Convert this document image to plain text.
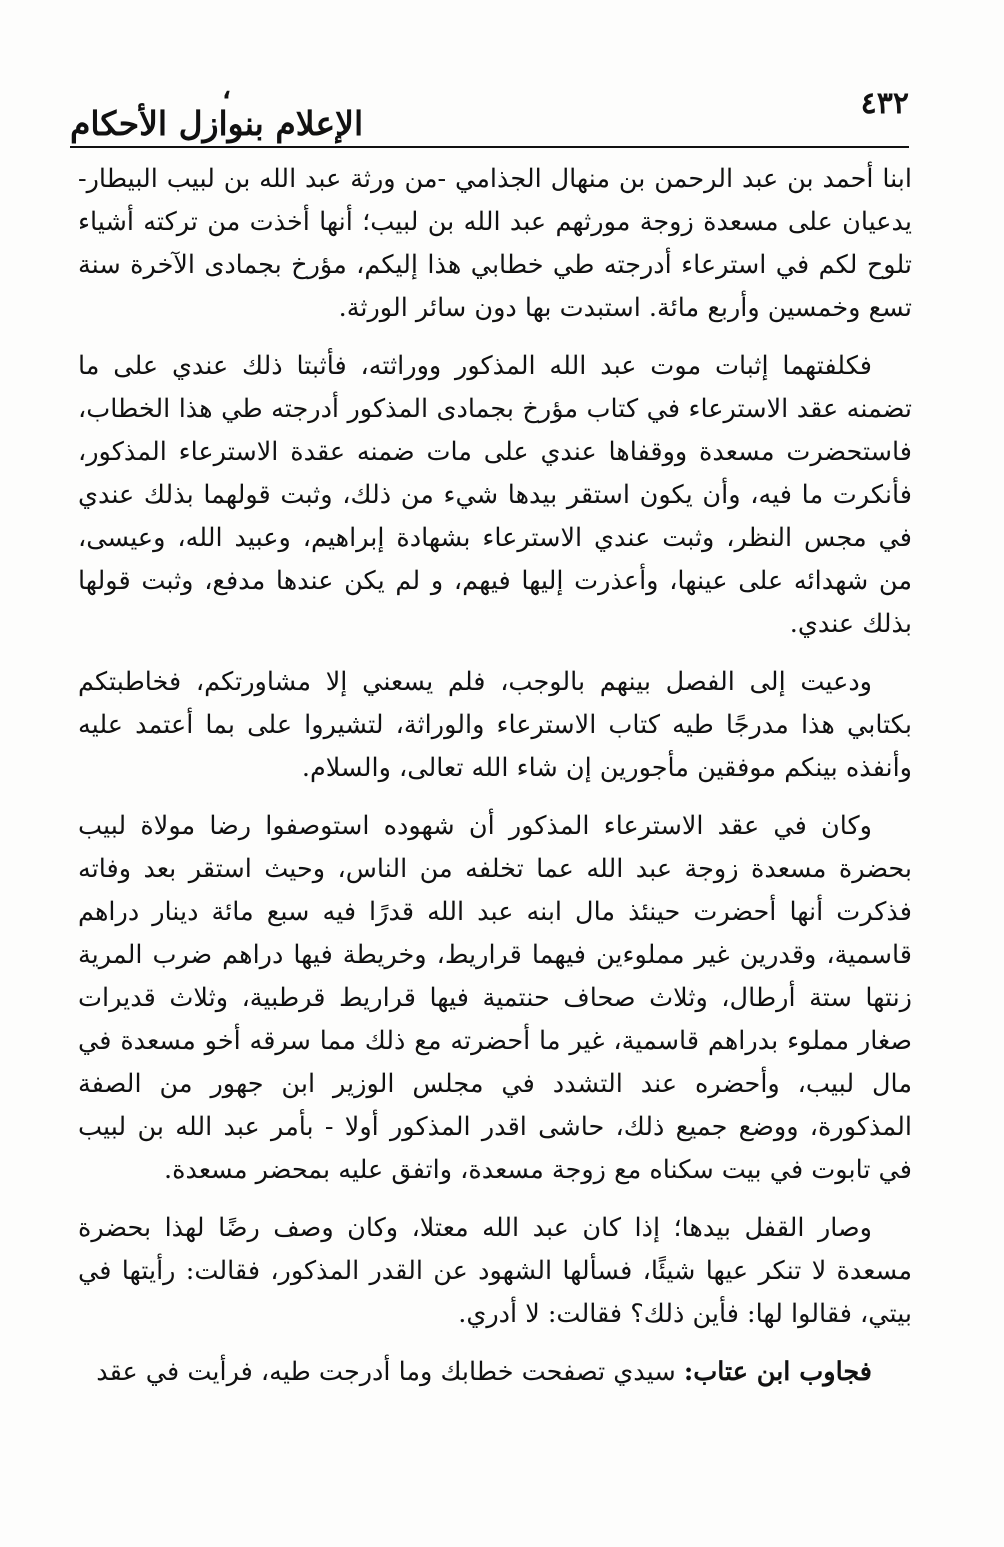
٤٣٢
الإعلام بنوازل الأحكام
،

ابنا أحمد بن عبد الرحمن بن منهال الجذامي -من ورثة عبد الله بن لبيب البيطار- يدعيان على مسعدة زوجة مورثهم عبد الله بن لبيب؛ أنها أخذت من تركته أشياء تلوح لكم في استرعاء أدرجته طي خطابي هذا إليكم، مؤرخ بجمادى الآخرة سنة تسع وخمسين وأربع مائة. استبدت بها دون سائر الورثة.

فكلفتهما إثبات موت عبد الله المذكور ووراثته، فأثبتا ذلك عندي على ما تضمنه عقد الاسترعاء في كتاب مؤرخ بجمادى المذكور أدرجته طي هذا الخطاب، فاستحضرت مسعدة ووقفاها عندي على مات ضمنه عقدة الاسترعاء المذكور، فأنكرت ما فيه، وأن يكون استقر بيدها شيء من ذلك، وثبت قولهما بذلك عندي في مجس النظر، وثبت عندي الاسترعاء بشهادة إبراهيم، وعبيد الله، وعيسى، من شهدائه على عينها، وأعذرت إليها فيهم، و لم يكن عندها مدفع، وثبت قولها بذلك عندي.

ودعيت إلى الفصل بينهم بالوجب، فلم يسعني إلا مشاورتكم، فخاطبتكم بكتابي هذا مدرجًا طيه كتاب الاسترعاء والوراثة، لتشيروا على بما أعتمد عليه وأنفذه بينكم موفقين مأجورين إن شاء الله تعالى، والسلام.

وكان في عقد الاسترعاء المذكور أن شهوده استوصفوا رضا مولاة لبيب بحضرة مسعدة زوجة عبد الله عما تخلفه من الناس، وحيث استقر بعد وفاته فذكرت أنها أحضرت حينئذ مال ابنه عبد الله قدرًا فيه سبع مائة دينار دراهم قاسمية، وقدرين غير مملوءين فيهما قراريط، وخريطة فيها دراهم ضرب المرية زنتها ستة أرطال، وثلاث صحاف حنتمية فيها قراريط قرطبية، وثلاث قديرات صغار مملوء بدراهم قاسمية، غير ما أحضرته مع ذلك مما سرقه أخو مسعدة في مال لبيب، وأحضره عند التشدد في مجلس الوزير ابن جهور من الصفة المذكورة، ووضع جميع ذلك، حاشى اقدر المذكور أولا - بأمر عبد الله بن لبيب في تابوت في بيت سكناه مع زوجة مسعدة، واتفق عليه بمحضر مسعدة.

وصار القفل بيدها؛ إذا كان عبد الله معتلا، وكان وصف رضًا لهذا بحضرة مسعدة لا تنكر عيها شيئًا، فسألها الشهود عن القدر المذكور، فقالت: رأيتها في بيتي، فقالوا لها: فأين ذلك؟ فقالت: لا أدري.

فجاوب ابن عتاب: سيدي تصفحت خطابك وما أدرجت طيه، فرأيت في عقد
